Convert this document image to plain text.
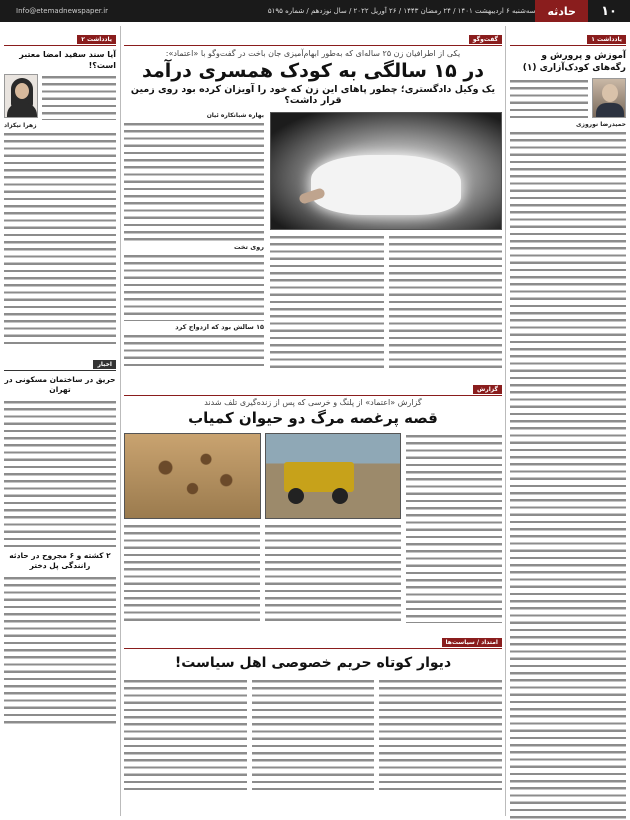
۱۰
حادثه
Info@etemadnewspaper.ir	سه‌شنبه ۶ اردیبهشت ۱۴۰۱ / ۲۴ رمضان ۱۴۴۳ / ۲۶ آوریل ۲۰۲۲ / سال نوزدهم / شماره ۵۱۹۵
یادداشت ۱
آموزش و پرورش و رگه‌های کودک‌آزاری (۱)
حمیدرضا نوروزی
یادداشت ۲
آیا سند سفید امضا معتبر است؟!
زهرا نیکزاد
اخبار
حریق در ساختمان مسکونی در تهران
۲ کشته و ۶ مجروح در حادثه رانندگی پل دختر
گفت‌وگو
یکی از اطرافیان زن ۲۵ ساله‌ای که به‌طور ابهام‌آمیزی جان باخت در گفت‌وگو با «اعتماد»:
در ۱۵ سالگی به کودک همسری درآمد
یک وکیل دادگستری؛ چطور پاهای این زن که خود را آویزان کرده بود روی زمین قرار داشت؟
بهاره شبانکاره ئیان
روی تخت
۱۵ سالش بود که ازدواج کرد
گزارش
گزارش «اعتماد» از پلنگ و خرسی که پس از زنده‌گیری تلف شدند
قصه پرغصه مرگ دو حیوان کمیاب
امتداد / سیاست‌ها
دیوار کوتاه حریم خصوصی اهل سیاست!
